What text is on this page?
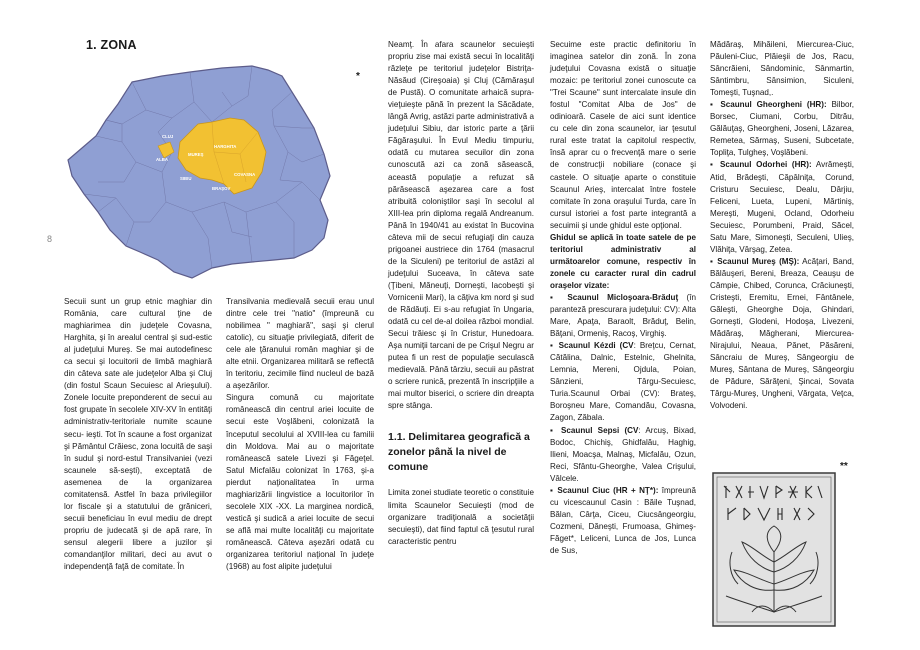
1. ZONA
*
8
CLUJ
ALBA
MUREŞ
HARGHITA
COVASNA
SIBIU
BRAŞOV

Secuii sunt un grup etnic maghiar din România, care cultural ţine de maghiarimea din judeţele Covasna, Harghita, şi în arealul central şi sud-estic al judeţului Mureş. Se mai autodefinesc ca secui şi locuitorii de limbă maghiară din câteva sate ale judeţelor Alba şi Cluj (din fostul Scaun Secuiesc al Arieşului). Zonele locuite preponderent de secui au fost grupate în secolele XIV-XV în entităţi administrativ-teritoriale numite scaune secu- ieşti. Tot în scaune a fost organizat şi Pământul Crăiesc, zona locuită de saşi în sudul şi nord-estul Transilvaniei (vezi scaunele să-seşti), exceptată de asemenea de la organizarea comitatensă. Astfel în baza privilegiilor lor fiscale şi a statutului de grăniceri, secuii beneficiau în evul mediu de drept propriu de judecată şi de apă rare, în sensul alegerii libere a juzilor şi comandanţilor militari, deci au avut o independenţă faţă de comitate. În

Transilvania medievală secuii erau unul dintre cele trei "natio" (împreună cu nobilimea " maghiară", saşi şi clerul catolic), cu situaţie privilegiată, diferit de cele ale ţăranului român maghiar şi de alte etnii. Organizarea militară se reflectă în teritoriu, zecimile fiind nucleul de bază a aşezărilor.

Singura comună cu majoritate românească din centrul ariei locuite de secui este Voşlăbeni, colonizată la începutul secolului al XVIII-lea cu familii din Moldova. Mai au o majoritate românească satele Livezi şi Făgeţel. Satul Micfalău colonizat în 1763, şi-a pierdut naţionalitatea în urma maghiarizării lingvistice a locuitorilor în secolele XIX -XX. La marginea nordică, vestică şi sudică a ariei locuite de secui se află mai multe localităţi cu majoritate românească. Câteva aşezări odată cu organizarea teritoriul naţional în judeţe (1968) au fost alipite judeţului

Neamţ. În afara scaunelor secuieşti propriu zise mai există secui în localităţi răzleţe pe teritoriul judeţelor Bistriţa-Năsăud (Cireşoaia) şi Cluj (Cămăraşul de Pustă). O comunitate arhaică supra-vieţuieşte până în prezent la Săcădate, lângă Avrig, astăzi parte administrativă a judeţului Sibiu, dar istoric parte a ţării Făgăraşului. În Evul Mediu timpuriu, odată cu mutarea secuilor din zona cunoscută azi ca zonă săsească, această populaţie a refuzat să părăsească aşezarea care a fost atribuită coloniştilor saşi în secolul al XIII-lea prin diploma regală Andreanum. Până în 1940/41 au existat în Bucovina câteva mii de secui refugiaţi din cauza prigoanei austriece din 1764 (masacrul de la Siculeni) pe teritoriul de astăzi al judeţului Suceava, în câteva sate (Ţibeni, Măneuţi, Dorneşti, Iacobeşti şi Vornicenii Mari), la căţiva km nord şi sud de Rădăuţi. Ei s-au refugiat în Ungaria, odată cu cel de-al doilea război mondial. Secui trăiesc şi în Cristur, Hunedoara. Aşa numiţii tarcani de pe Crişul Negru ar putea fi un rest de populaţie seculască medievală. Până târziu, secuii au păstrat o scriere runică, prezentă în inscripţiile a mai multor biserici, o scriere din dreapta spre stânga.

1.1. Delimitarea geografică a zonelor până la nivel de comune

Limita zonei studiate teoretic o constituie limita Scaunelor Secuieşti (mod de organizare tradiţională a societăţii secuieşti), dat fiind faptul că ţesutul rural caracteristic pentru

Secuime este practic definitoriu în imaginea satelor din zonă. În zona judeţului Covasna există o situaţie mozaic: pe teritoriul zonei cunoscute ca "Trei Scaune" sunt intercalate insule din fostul "Comitat Alba de Jos" de odinioară. Casele de aici sunt identice cu cele din zona scaunelor, iar ţesutul rural este tratat la capitolul respectiv, însă aprar cu o frecvenţă mare o serie de construcţii nobiliare (conace şi castele. O situaţie aparte o constituie Scaunul Arieş, intercalat între fostele comitate în zona oraşului Turda, care în cursul istoriei a fost parte integrantă a secuimii şi unde ghidul este opţional.

Ghidul se aplică în toate satele de pe teritoriul administrativ al următoarelor comune, respectiv în zonele cu caracter rural din cadrul oraşelor vizate:

▪ Scaunul Micloşoara-Brăduţ (în paranteză prescurara judeţului: CV): Alta Mare, Apaţa, Baraolt, Brăduţ, Belin, Băţani, Ormeniş, Racoş, Virghiş.

▪ Scaunul Kézdi (CV: Breţcu, Cernat, Cătălina, Dalnic, Estelnic, Ghelnita, Lemnia, Mereni, Ojdula, Poian, Sânzieni, Târgu-Secuiesc, Turia.Scaunul Orbai (CV): Brateş, Boroşneu Mare, Comandău, Covasna, Zagon, Zăbala.

▪ Scaunul Sepsi (CV: Arcuş, Bixad, Bodoc, Chichiş, Ghidfalău, Haghig, Ilieni, Moacşa, Malnaş, Micfalău, Ozun, Reci, Sfântu-Gheorghe, Valea Crişului, Vâlcele.

▪ Scaunul Ciuc (HR + NŢ*): împreună cu vicescaunul Casin : Băile Tuşnad, Bălan, Cârţa, Ciceu, Ciucsângeorgiu, Cozmeni, Dăneşti, Frumoasa, Ghimeş-Făget*, Leliceni, Lunca de Jos, Lunca de Sus,

Mădăraş, Mihăileni, Miercurea-Ciuc, Păuleni-Ciuc, Plăieşii de Jos, Racu, Sâncrăieni, Sândominic, Sânmartin, Sântimbru, Sânsimion, Siculeni, Tomeşti, Tuşnad,.

▪ Scaunul Gheorgheni (HR): Bilbor, Borsec, Ciumani, Corbu, Ditrău, Gălăuţaş, Gheorgheni, Joseni, Lăzarea, Remetea, Sărmaş, Suseni, Subcetate, Topliţa, Tulgheş, Voşlăbeni.

▪ Scaunul Odorhei (HR): Avrămeşti, Atid, Brădeşti, Căpâlniţa, Corund, Cristuru Secuiesc, Dealu, Dârjiu, Feliceni, Lueta, Lupeni, Mărtiniş, Mereşti, Mugeni, Ocland, Odorheiu Secuiesc, Porumbeni, Praid, Săcel, Satu Mare, Simoneşti, Seculeni, Ulieş, Vlăhiţa, Vârşag, Zetea.

▪ Scaunul Mureş (MŞ): Acăţari, Band, Bălăuşeri, Bereni, Breaza, Ceauşu de Câmpie, Chibed, Corunca, Crăciuneşti, Cristeşti, Eremitu, Ernei, Fântânele, Găleşti, Gheorghe Doja, Ghindari, Gorneşti, Glodeni, Hodoşa, Livezeni, Mădăraş, Măgherani, Miercurea-Nirajului, Neaua, Pănet, Păsăreni, Sâncraiu de Mureş, Sângeorgiu de Mureş, Sântana de Mureş, Sângeorgiu de Pădure, Sărăţeni, Şincai, Sovata Târgu-Mureş, Ungheni, Vărgata, Veţca, Volvodeni.

**
